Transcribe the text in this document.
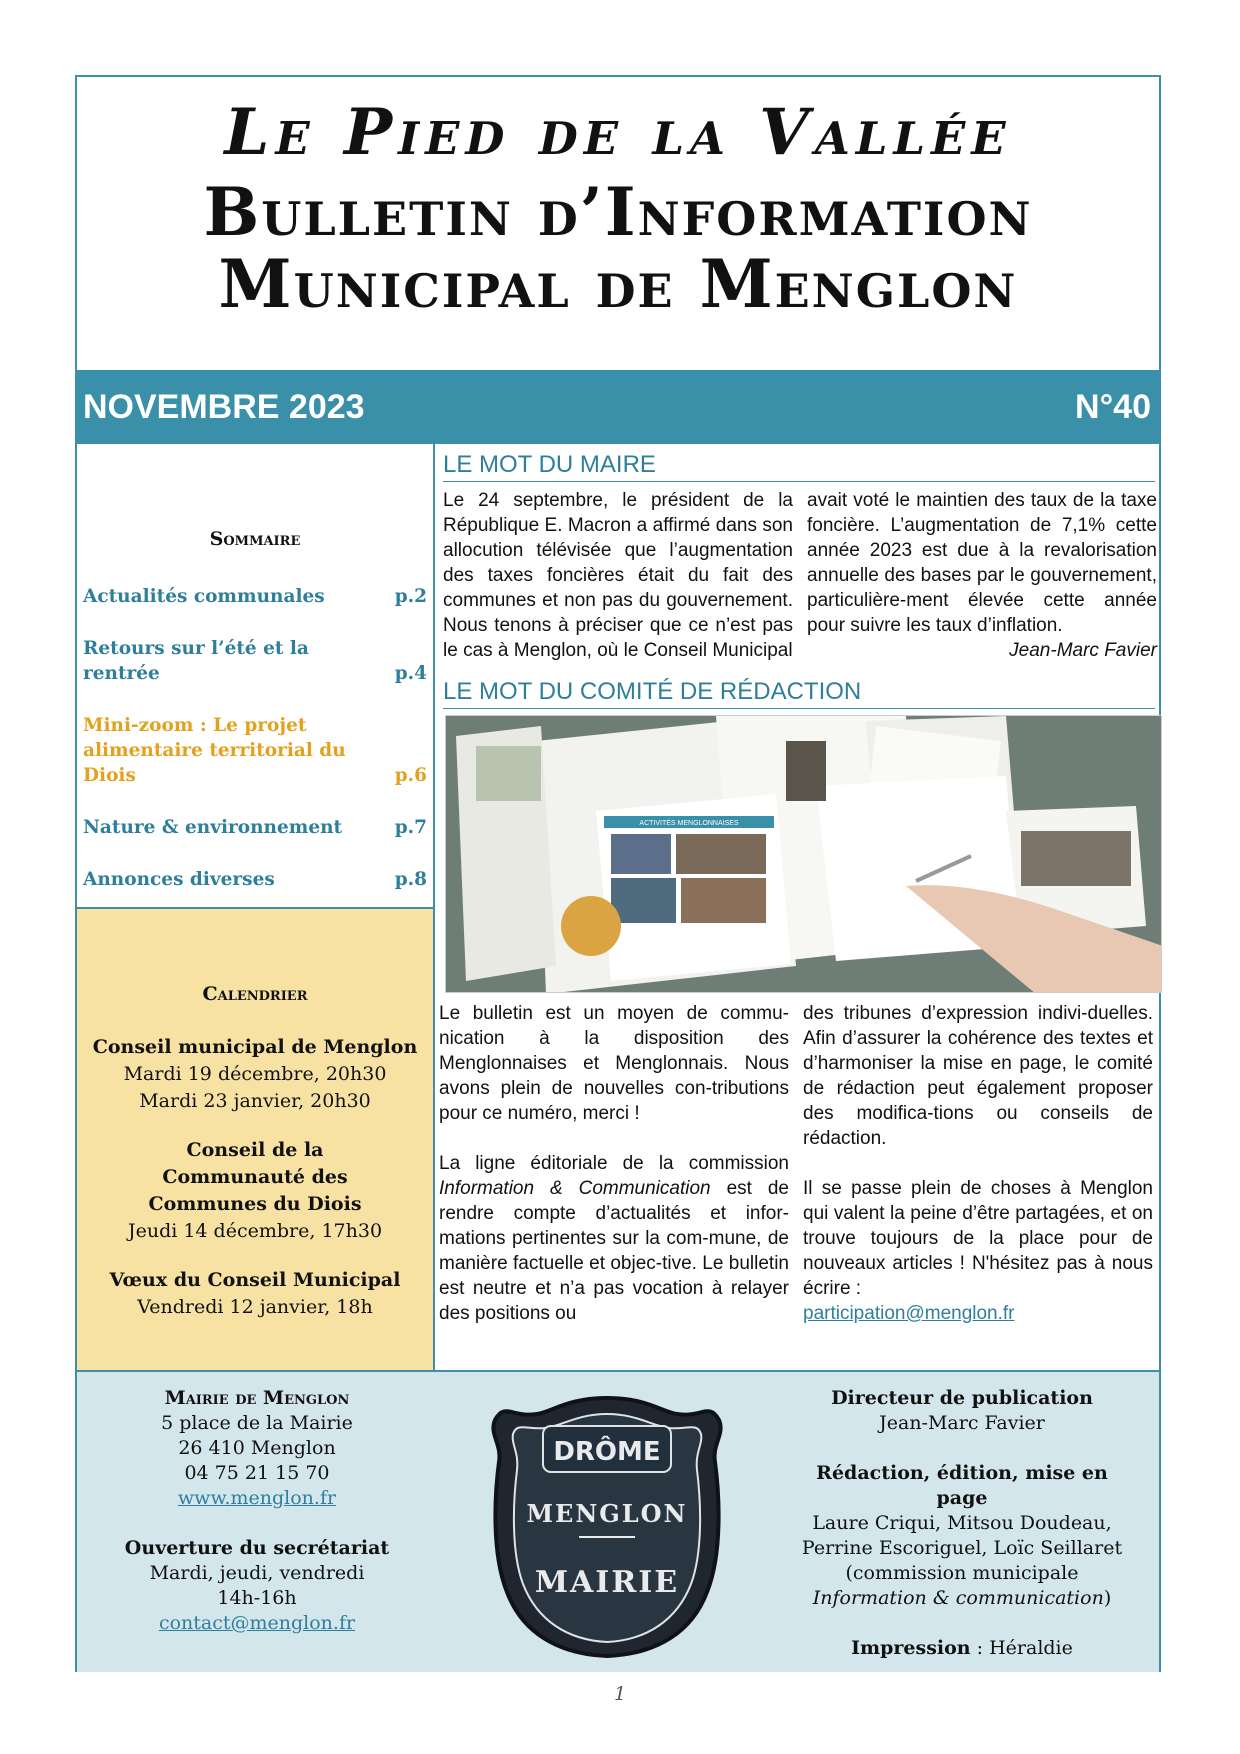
Le Pied de la Vallée
Bulletin d’Information
Municipal de Menglon
NOVEMBRE 2023	N°40
Sommaire
Actualités communales	p.2
Retours sur l’été et la rentrée	p.4
Mini-zoom : Le projet alimentaire territorial du Diois	p.6
Nature & environnement	p.7
Annonces diverses	p.8
Calendrier
Conseil municipal de Menglon
Mardi 19 décembre, 20h30
Mardi 23 janvier, 20h30
Conseil de la Communauté des Communes du Diois
Jeudi 14 décembre, 17h30
Vœux du Conseil Municipal
Vendredi 12 janvier, 18h
LE MOT DU MAIRE
Le 24 septembre, le président de la République E. Macron a affirmé dans son allocution télévisée que l’augmentation des taxes foncières était du fait des communes et non pas du gouvernement. Nous tenons à préciser que ce n’est pas le cas à Menglon, où le Conseil Municipal
avait voté le maintien des taux de la taxe foncière. L’augmentation de 7,1% cette année 2023 est due à la revalorisation annuelle des bases par le gouvernement, particulière-ment élevée cette année pour suivre les taux d’inflation.
Jean-Marc Favier
LE MOT DU COMITÉ DE RÉDACTION
ACTIVITÉS MENGLONNAISES
Le bulletin est un moyen de commu-nication à la disposition des Menglonnaises et Menglonnais. Nous avons plein de nouvelles con-tributions pour ce numéro, merci !
La ligne éditoriale de la commission Information & Communication est de rendre compte d’actualités et infor-mations pertinentes sur la com-mune, de manière factuelle et objec-tive. Le bulletin est neutre et n’a pas vocation à relayer des positions ou
des tribunes d’expression indivi-duelles. Afin d’assurer la cohérence des textes et d’harmoniser la mise en page, le comité de rédaction peut également proposer des modifica-tions ou conseils de rédaction.
Il se passe plein de choses à Menglon qui valent la peine d’être partagées, et on trouve toujours de la place pour de nouveaux articles ! N'hésitez pas à nous écrire :
participation@menglon.fr
Mairie de Menglon
5 place de la Mairie
26 410 Menglon
04 75 21 15 70
www.menglon.fr
Ouverture du secrétariat
Mardi, jeudi, vendredi
14h-16h
contact@menglon.fr
DRÔME
MENGLON
MAIRIE
Directeur de publication
Jean-Marc Favier
Rédaction, édition, mise en page
Laure Criqui, Mitsou Doudeau,
Perrine Escoriguel, Loïc Seillaret
(commission municipale
Information & communication)
Impression : Héraldie
1
